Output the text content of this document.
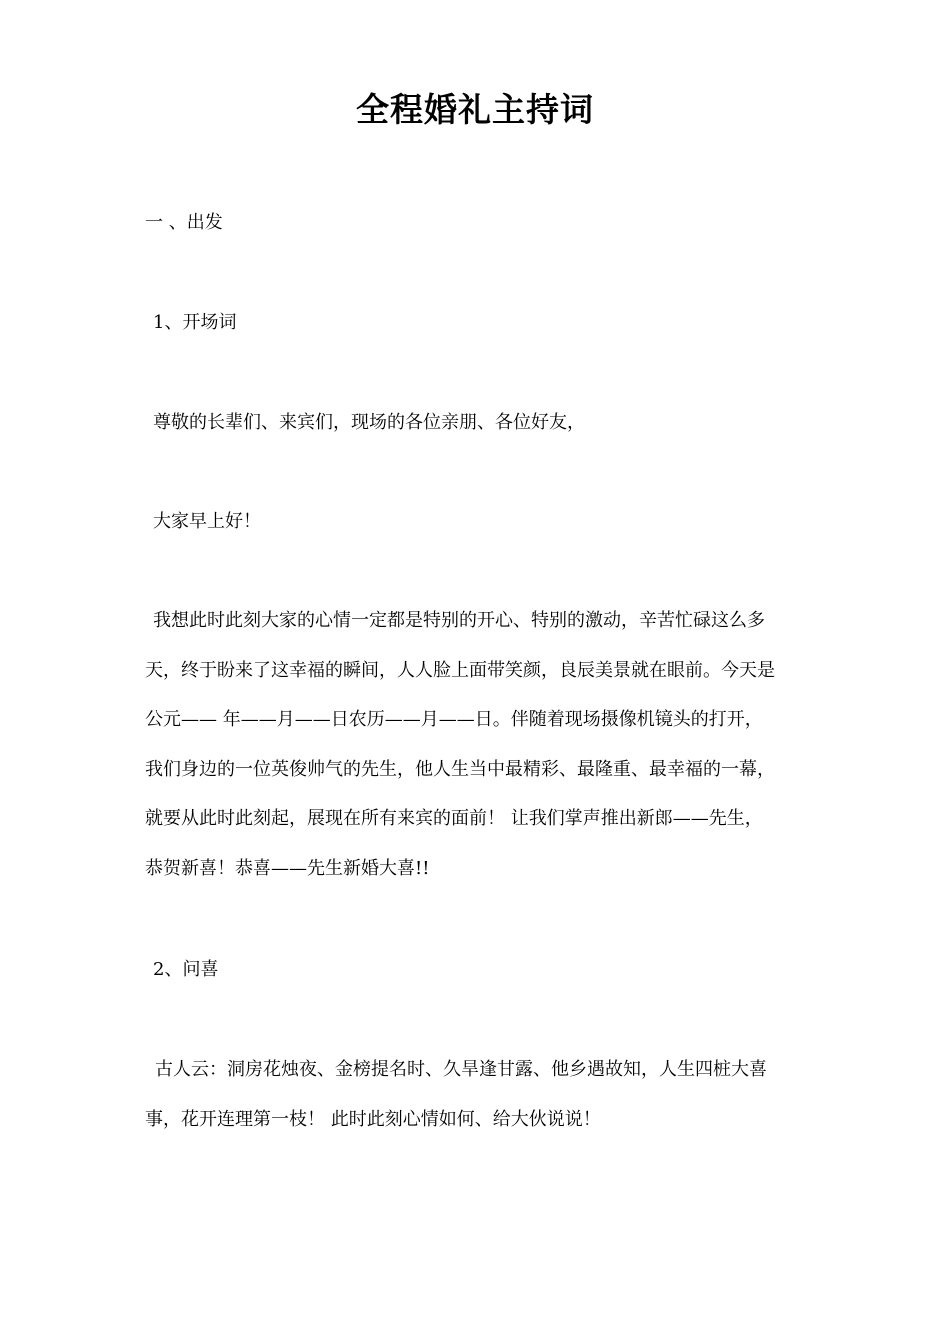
全程婚礼主持词
一 、出发
1、开场词
尊敬的长辈们、来宾们，现场的各位亲朋、各位好友，
大家早上好！
我想此时此刻大家的心情一定都是特别的开心、特别的激动，辛苦忙碌这么多
天，终于盼来了这幸福的瞬间，人人脸上面带笑颜，良辰美景就在眼前。今天是
公元—— 年——月——日农历——月——日。伴随着现场摄像机镜头的打开，
我们身边的一位英俊帅气的先生，他人生当中最精彩、最隆重、最幸福的一幕，
就要从此时此刻起，展现在所有来宾的面前！ 让我们掌声推出新郎——先生，
恭贺新喜！恭喜——先生新婚大喜!!
2、问喜
古人云：洞房花烛夜、金榜提名时、久旱逢甘露、他乡遇故知，人生四桩大喜
事，花开连理第一枝！ 此时此刻心情如何、给大伙说说！
